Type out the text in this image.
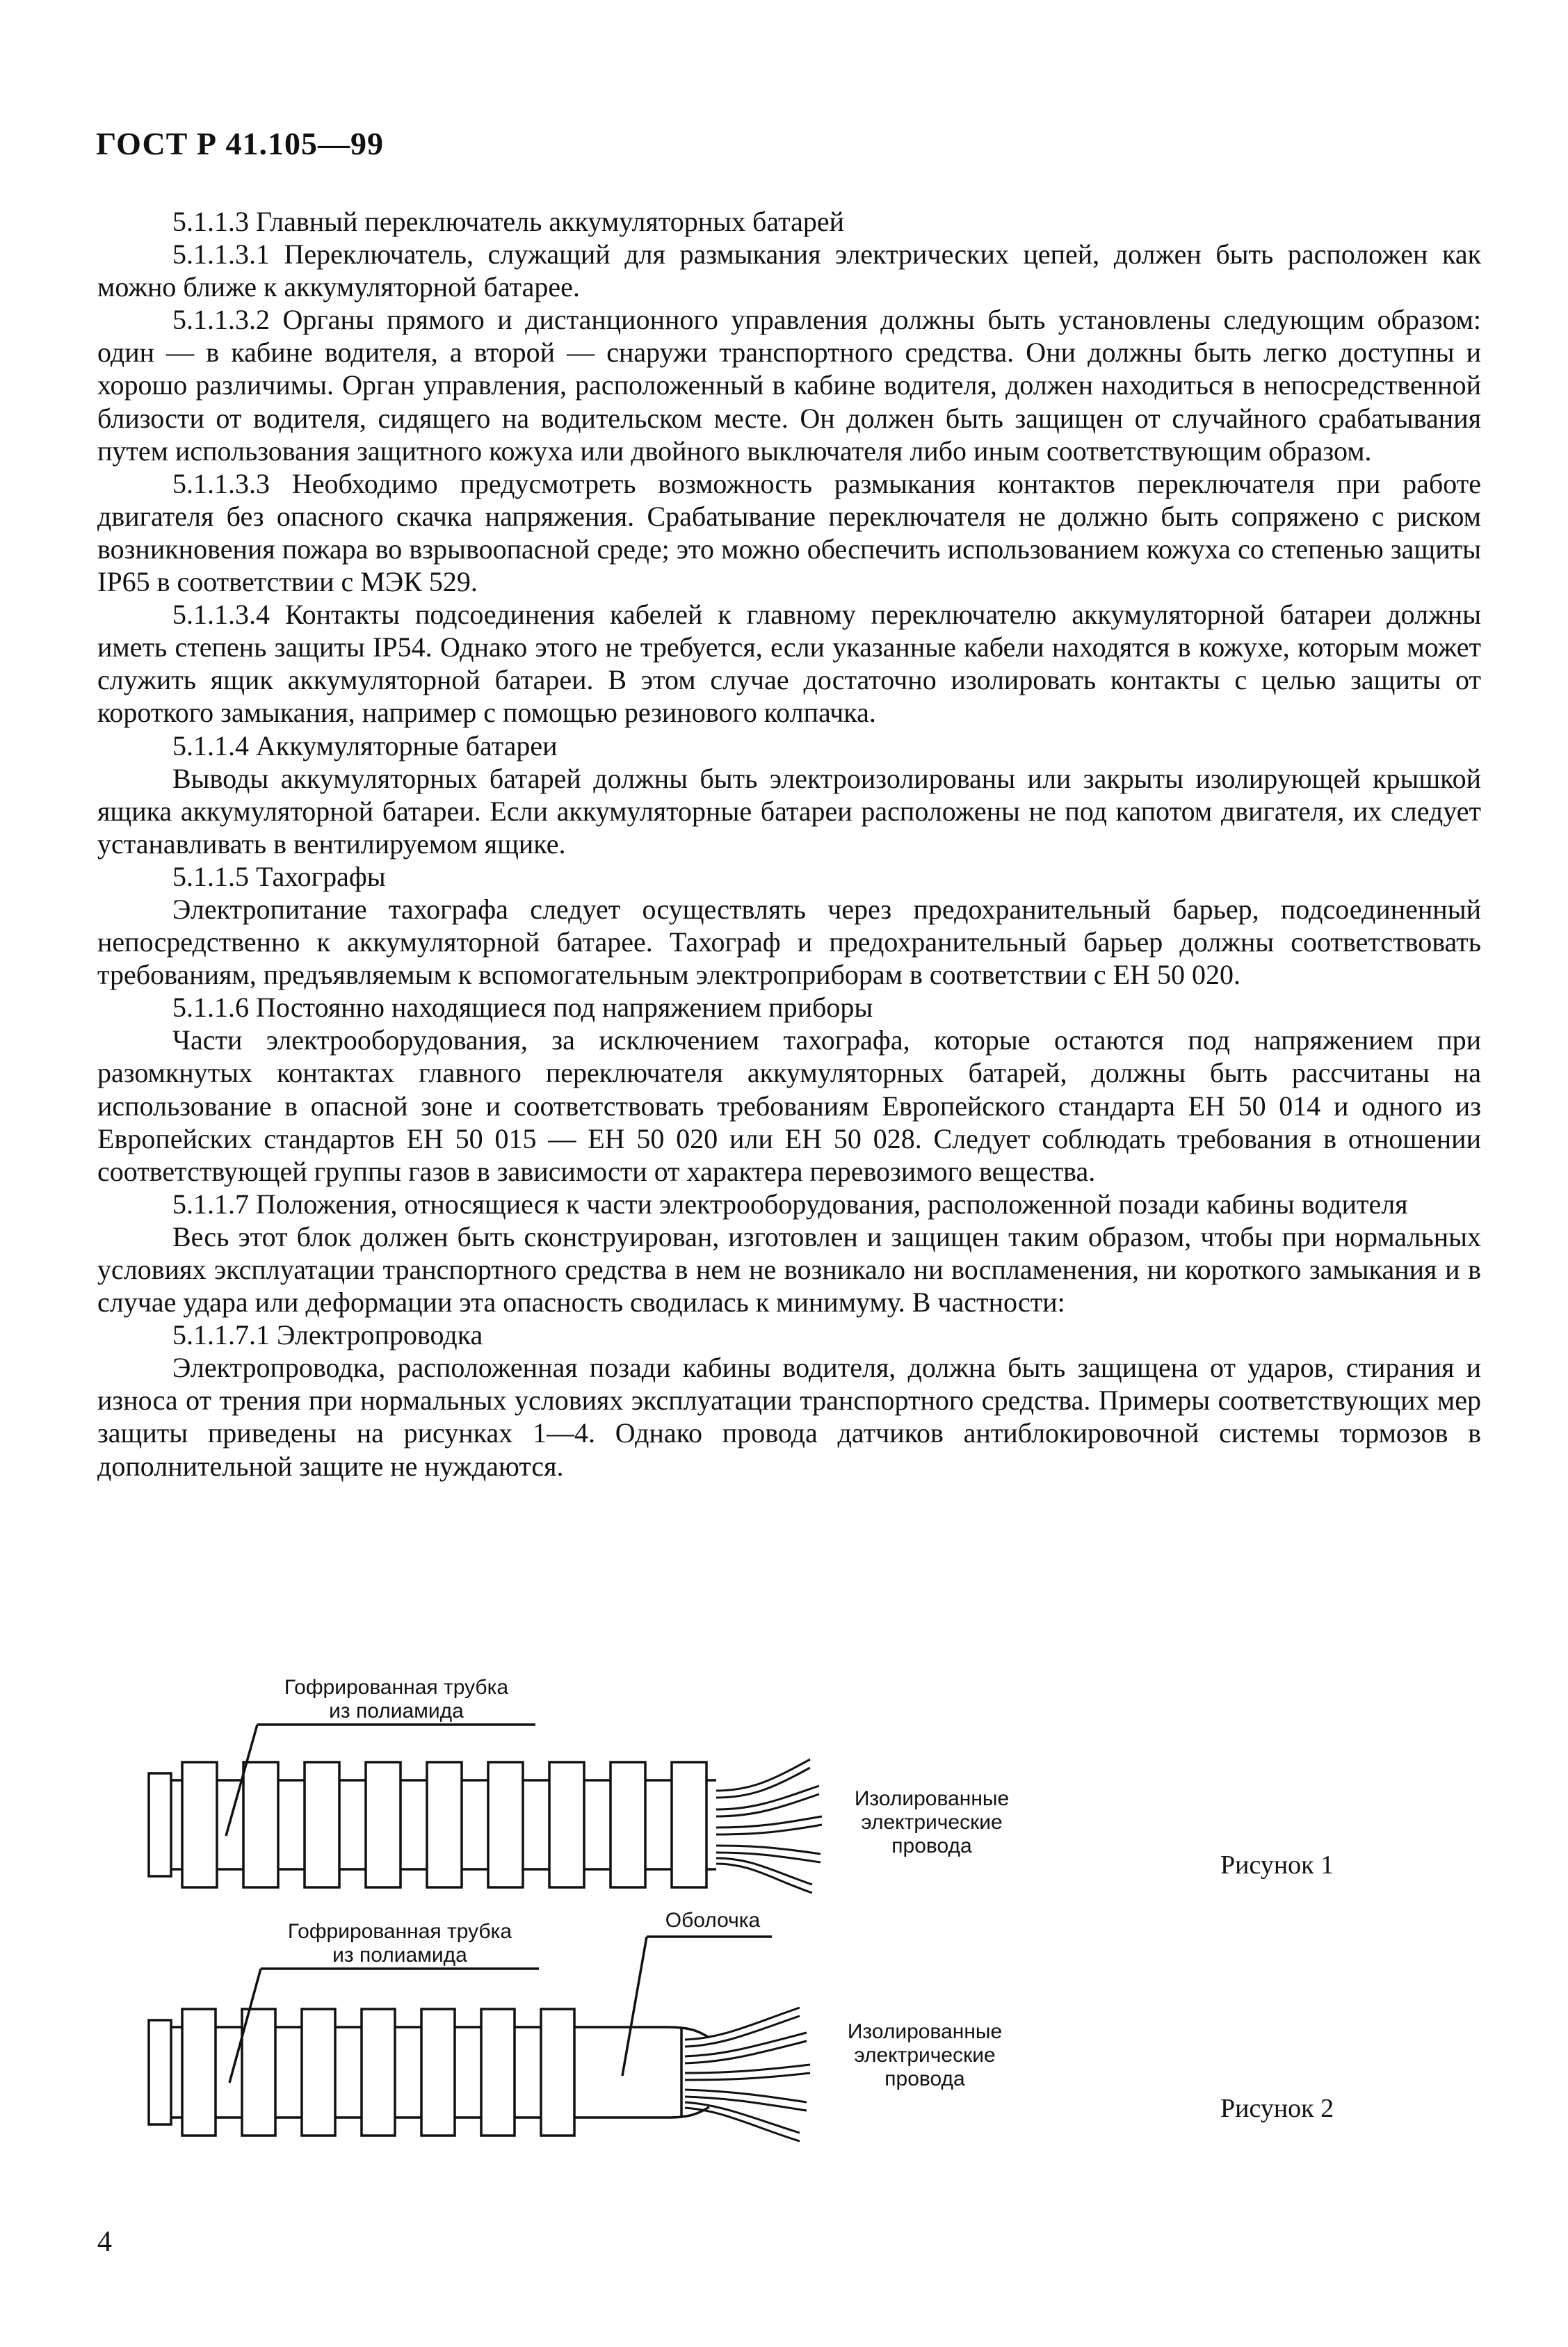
ГОСТ Р 41.105—99

5.1.1.3 Главный переключатель аккумуляторных батарей

5.1.1.3.1 Переключатель, служащий для размыкания электрических цепей, должен быть расположен как можно ближе к аккумуляторной батарее.

5.1.1.3.2 Органы прямого и дистанционного управления должны быть установлены следующим образом: один — в кабине водителя, а второй — снаружи транспортного средства. Они должны быть легко доступны и хорошо различимы. Орган управления, расположенный в кабине водителя, должен находиться в непосредственной близости от водителя, сидящего на водительском месте. Он должен быть защищен от случайного срабатывания путем использования защитного кожуха или двойного выключателя либо иным соответствующим образом.

5.1.1.3.3 Необходимо предусмотреть возможность размыкания контактов переключателя при работе двигателя без опасного скачка напряжения. Срабатывание переключателя не должно быть сопряжено с риском возникновения пожара во взрывоопасной среде; это можно обеспечить использованием кожуха со степенью защиты IP65 в соответствии с МЭК 529.

5.1.1.3.4 Контакты подсоединения кабелей к главному переключателю аккумуляторной батареи должны иметь степень защиты IP54. Однако этого не требуется, если указанные кабели находятся в кожухе, которым может служить ящик аккумуляторной батареи. В этом случае достаточно изолировать контакты с целью защиты от короткого замыкания, например с помощью резинового колпачка.

5.1.1.4 Аккумуляторные батареи

Выводы аккумуляторных батарей должны быть электроизолированы или закрыты изолирующей крышкой ящика аккумуляторной батареи. Если аккумуляторные батареи расположены не под капотом двигателя, их следует устанавливать в вентилируемом ящике.

5.1.1.5 Тахографы

Электропитание тахографа следует осуществлять через предохранительный барьер, подсоединенный непосредственно к аккумуляторной батарее. Тахограф и предохранительный барьер должны соответствовать требованиям, предъявляемым к вспомогательным электроприборам в соответствии с ЕН 50 020.

5.1.1.6 Постоянно находящиеся под напряжением приборы

Части электрооборудования, за исключением тахографа, которые остаются под напряжением при разомкнутых контактах главного переключателя аккумуляторных батарей, должны быть рассчитаны на использование в опасной зоне и соответствовать требованиям Европейского стандарта ЕН 50 014 и одного из Европейских стандартов ЕН 50 015 — ЕН 50 020 или ЕН 50 028. Следует соблюдать требования в отношении соответствующей группы газов в зависимости от характера перевозимого вещества.

5.1.1.7 Положения, относящиеся к части электрооборудования, расположенной позади кабины водителя

Весь этот блок должен быть сконструирован, изготовлен и защищен таким образом, чтобы при нормальных условиях эксплуатации транспортного средства в нем не возникало ни воспламенения, ни короткого замыкания и в случае удара или деформации эта опасность сводилась к минимуму. В частности:

5.1.1.7.1 Электропроводка

Электропроводка, расположенная позади кабины водителя, должна быть защищена от ударов, стирания и износа от трения при нормальных условиях эксплуатации транспортного средства. Примеры соответствующих мер защиты приведены на рисунках 1—4. Однако провода датчиков антиблокировочной системы тормозов в дополнительной защите не нуждаются.

Гофрированная трубка
из полиамида
Изолированные
электрические
провода
Рисунок 1
Гофрированная трубка
из полиамида
Оболочка
Изолированные
электрические
провода
Рисунок 2
4
